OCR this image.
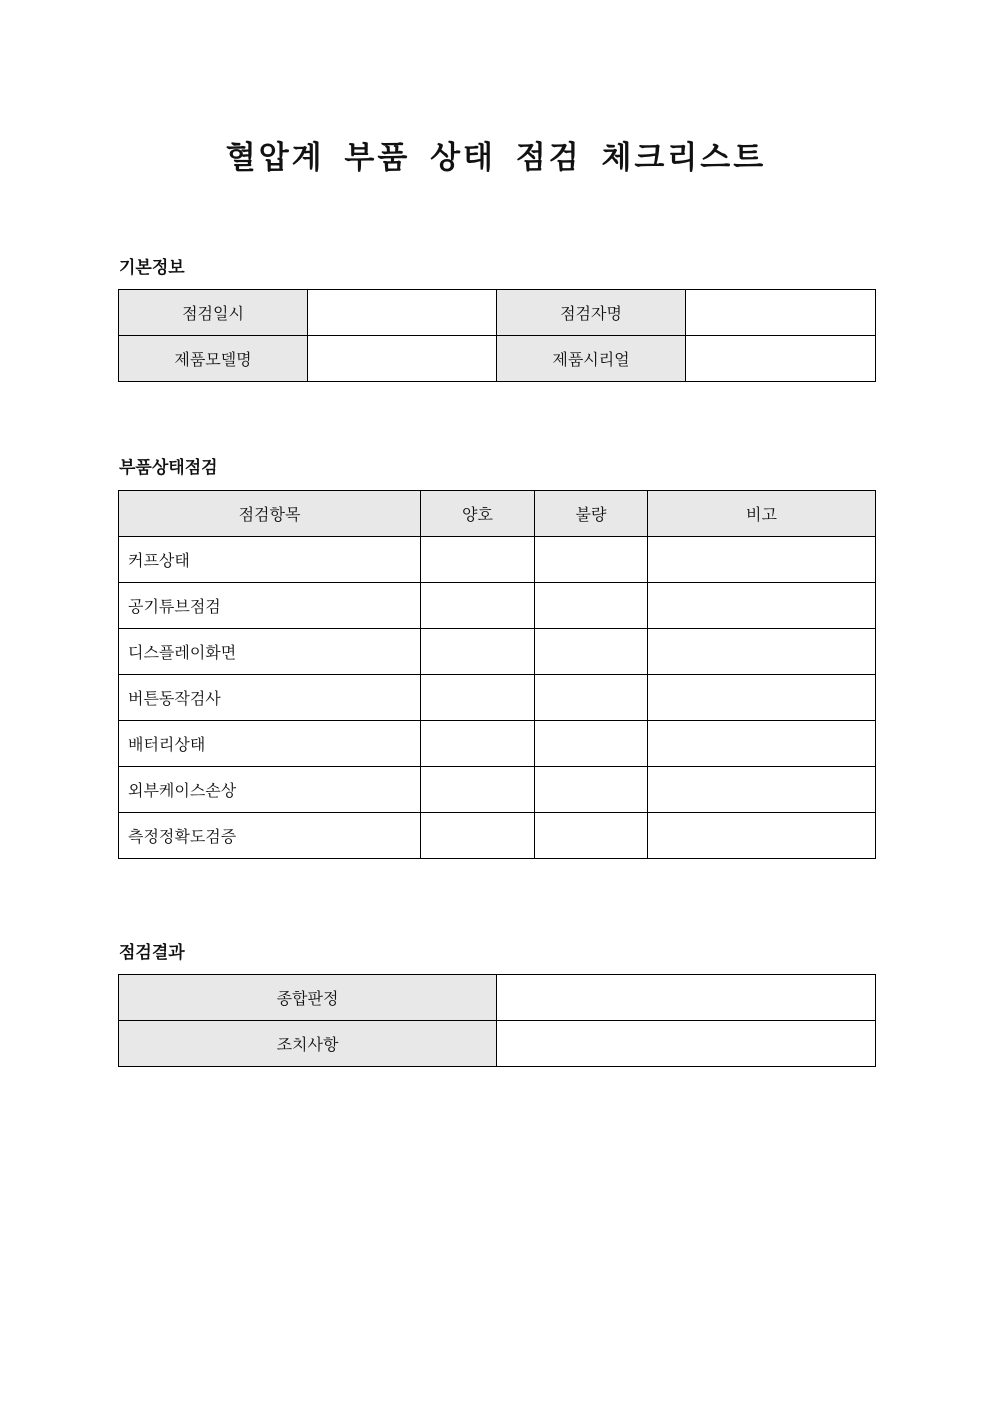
혈압계 부품 상태 점검 체크리스트
기본정보
점검일시		점검자명	
제품모델명		제품시리얼	
부품상태점검
점검항목	양호	불량	비고
커프상태			
공기튜브점검			
디스플레이화면			
버튼동작검사			
배터리상태			
외부케이스손상			
측정정확도검증			
점검결과
종합판정	
조치사항	
